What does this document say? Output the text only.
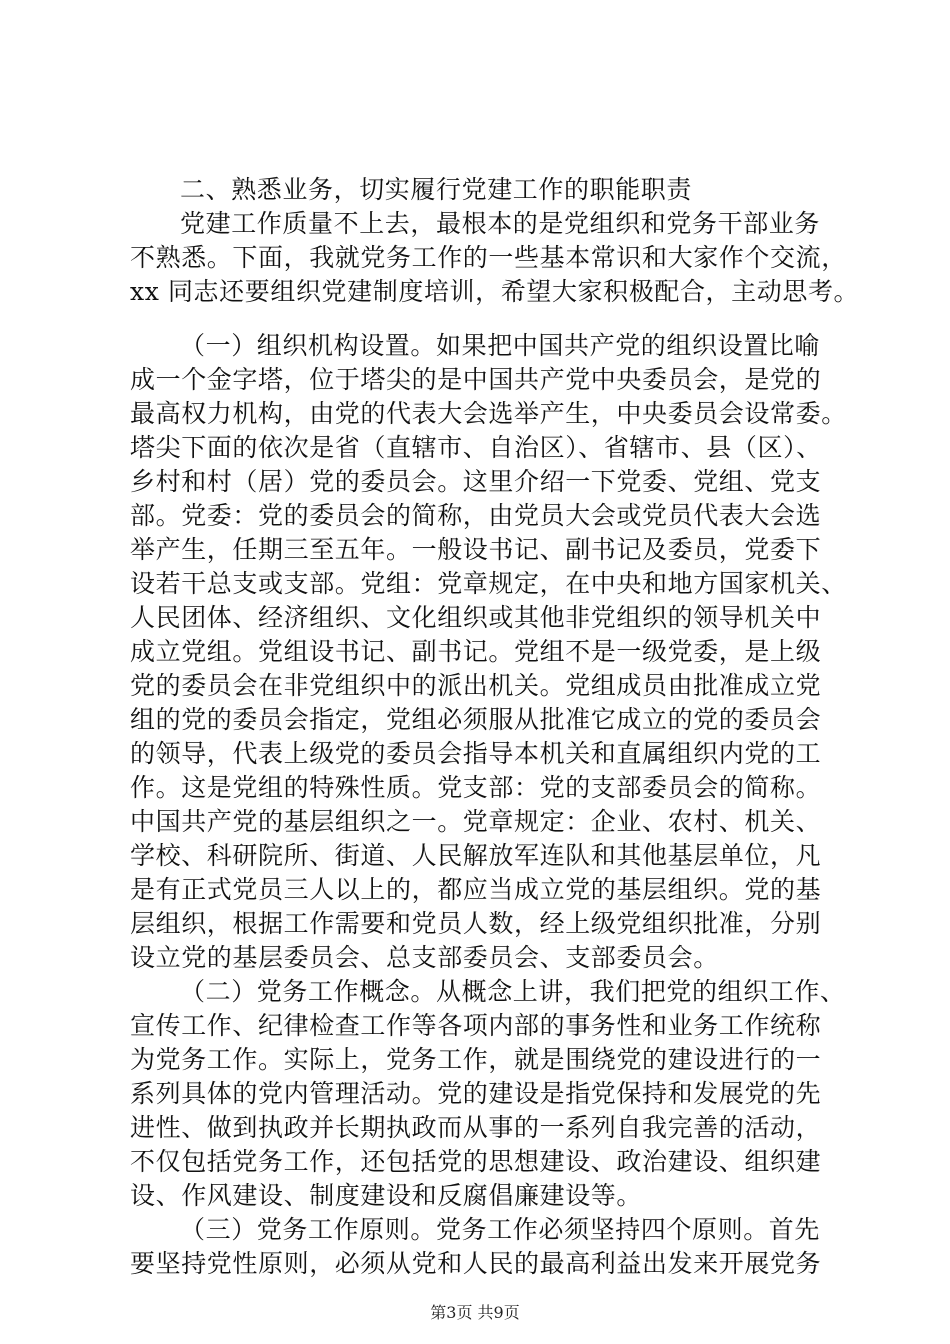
二、熟悉业务，切实履行党建工作的职能职责
党建工作质量不上去，最根本的是党组织和党务干部业务
不熟悉。下面，我就党务工作的一些基本常识和大家作个交流，
xx 同志还要组织党建制度培训，希望大家积极配合，主动思考。
（一）组织机构设置。如果把中国共产党的组织设置比喻
成一个金字塔，位于塔尖的是中国共产党中央委员会，是党的
最高权力机构，由党的代表大会选举产生，中央委员会设常委。
塔尖下面的依次是省（直辖市、自治区）、省辖市、县（区）、
乡村和村（居）党的委员会。这里介绍一下党委、党组、党支
部。党委：党的委员会的简称，由党员大会或党员代表大会选
举产生，任期三至五年。一般设书记、副书记及委员，党委下
设若干总支或支部。党组：党章规定，在中央和地方国家机关、
人民团体、经济组织、文化组织或其他非党组织的领导机关中
成立党组。党组设书记、副书记。党组不是一级党委，是上级
党的委员会在非党组织中的派出机关。党组成员由批准成立党
组的党的委员会指定，党组必须服从批准它成立的党的委员会
的领导，代表上级党的委员会指导本机关和直属组织内党的工
作。这是党组的特殊性质。党支部：党的支部委员会的简称。
中国共产党的基层组织之一。党章规定：企业、农村、机关、
学校、科研院所、街道、人民解放军连队和其他基层单位，凡
是有正式党员三人以上的，都应当成立党的基层组织。党的基
层组织，根据工作需要和党员人数，经上级党组织批准，分别
设立党的基层委员会、总支部委员会、支部委员会。
（二）党务工作概念。从概念上讲，我们把党的组织工作、
宣传工作、纪律检查工作等各项内部的事务性和业务工作统称
为党务工作。实际上，党务工作，就是围绕党的建设进行的一
系列具体的党内管理活动。党的建设是指党保持和发展党的先
进性、做到执政并长期执政而从事的一系列自我完善的活动，
不仅包括党务工作，还包括党的思想建设、政治建设、组织建
设、作风建设、制度建设和反腐倡廉建设等。
（三）党务工作原则。党务工作必须坚持四个原则。首先
要坚持党性原则，必须从党和人民的最高利益出发来开展党务
第3页 共9页
